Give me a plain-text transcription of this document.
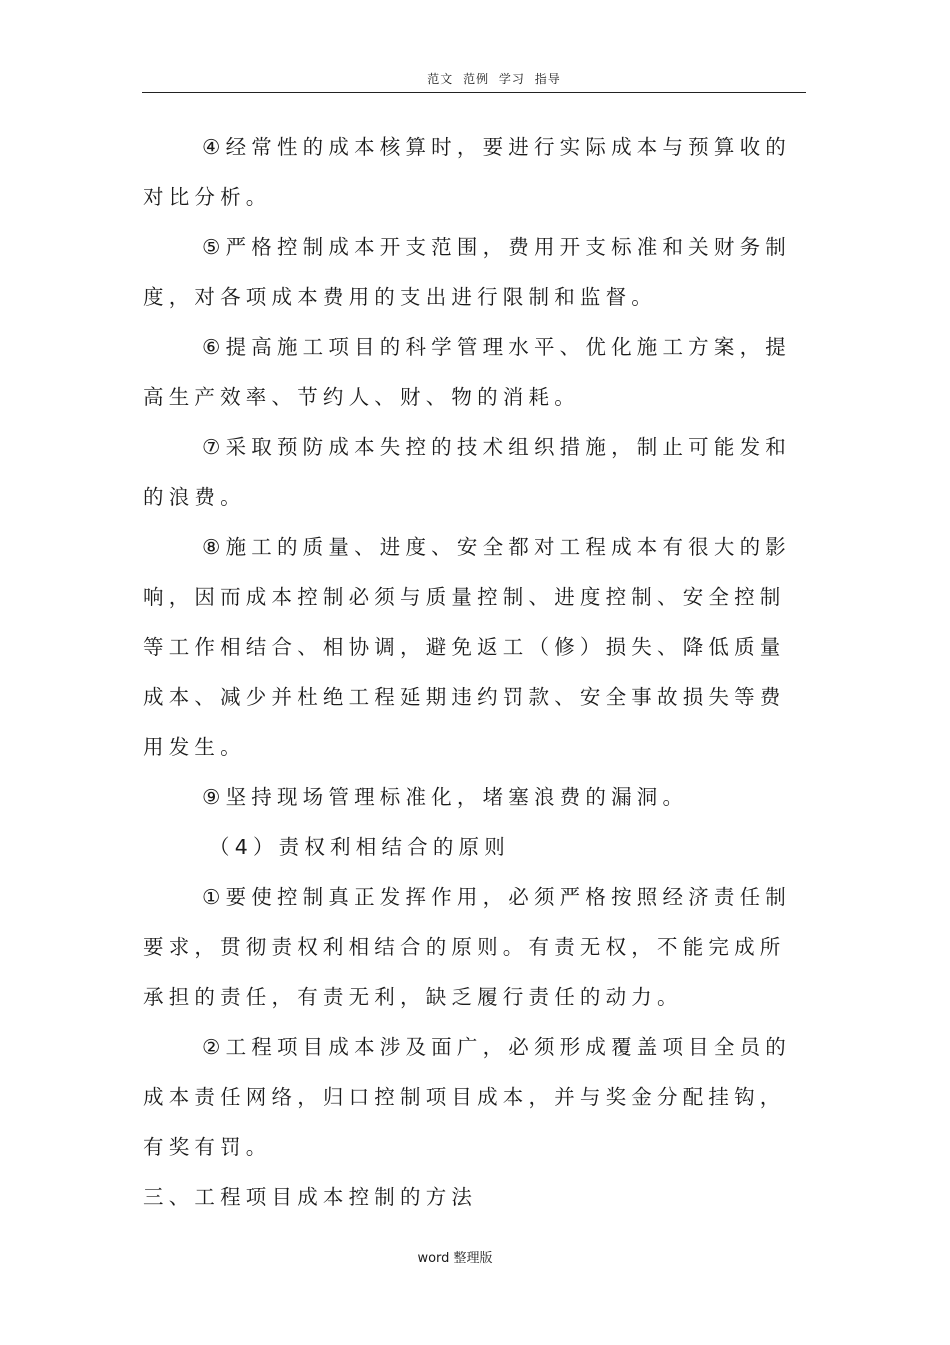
范文 范例 学习 指导

④经常性的成本核算时，要进行实际成本与预算收的对比分析。

⑤严格控制成本开支范围，费用开支标准和关财务制度，对各项成本费用的支出进行限制和监督。

⑥提高施工项目的科学管理水平、优化施工方案，提高生产效率、节约人、财、物的消耗。

⑦采取预防成本失控的技术组织措施，制止可能发和的浪费。

⑧施工的质量、进度、安全都对工程成本有很大的影响，因而成本控制必须与质量控制、进度控制、安全控制等工作相结合、相协调，避免返工（修）损失、降低质量成本、减少并杜绝工程延期违约罚款、安全事故损失等费用发生。

⑨坚持现场管理标准化，堵塞浪费的漏洞。

（4）责权利相结合的原则

①要使控制真正发挥作用，必须严格按照经济责任制要求，贯彻责权利相结合的原则。有责无权，不能完成所承担的责任，有责无利，缺乏履行责任的动力。

②工程项目成本涉及面广，必须形成覆盖项目全员的成本责任网络，归口控制项目成本，并与奖金分配挂钩，有奖有罚。

三、工程项目成本控制的方法

word 整理版
